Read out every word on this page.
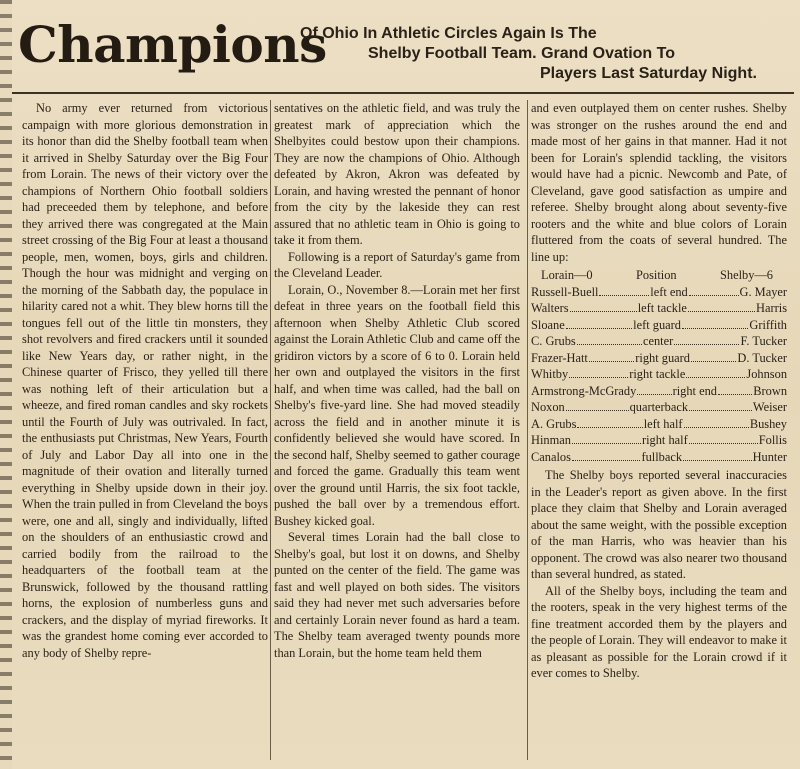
Champions
Of Ohio In Athletic Circles Again Is The
Shelby Football Team. Grand Ovation To
Players Last Saturday Night.

No army ever returned from victorious campaign with more glorious demonstration in its honor than did the Shelby football team when it arrived in Shelby Saturday over the Big Four from Lorain. The news of their victory over the champions of Northern Ohio football soldiers had preceeded them by telephone, and before they arrived there was congregated at the Main street crossing of the Big Four at least a thousand people, men, women, boys, girls and children. Though the hour was midnight and verging on the morning of the Sabbath day, the populace in hilarity cared not a whit. They blew horns till the tongues fell out of the little tin monsters, they shot revolvers and fired crackers until it sounded like New Years day, or rather night, in the Chinese quarter of Frisco, they yelled till there was nothing left of their articulation but a wheeze, and fired roman candles and sky rockets until the Fourth of July was outrivaled. In fact, the enthusiasts put Christmas, New Years, Fourth of July and Labor Day all into one in the magnitude of their ovation and literally turned everything in Shelby upside down in their joy. When the train pulled in from Cleveland the boys were, one and all, singly and individually, lifted on the shoulders of an enthusiastic crowd and carried bodily from the railroad to the headquarters of the football team at the Brunswick, followed by the thousand rattling horns, the explosion of numberless guns and crackers, and the display of myriad fireworks. It was the grandest home coming ever accorded to any body of Shelby repre-

sentatives on the athletic field, and was truly the greatest mark of appreciation which the Shelbyites could bestow upon their champions. They are now the champions of Ohio. Although defeated by Akron, Akron was defeated by Lorain, and having wrested the pennant of honor from the city by the lakeside they can rest assured that no athletic team in Ohio is going to take it from them.

Following is a report of Saturday's game from the Cleveland Leader.

Lorain, O., November 8.—Lorain met her first defeat in three years on the football field this afternoon when Shelby Athletic Club scored against the Lorain Athletic Club and came off the gridiron victors by a score of 6 to 0. Lorain held her own and outplayed the visitors in the first half, and when time was called, had the ball on Shelby's five-yard line. She had moved steadily across the field and in another minute it is confidently believed she would have scored. In the second half, Shelby seemed to gather courage and forced the game. Gradually this team went over the ground until Harris, the six foot tackle, pushed the ball over by a tremendous effort. Bushey kicked goal.

Several times Lorain had the ball close to Shelby's goal, but lost it on downs, and Shelby punted on the center of the field. The game was fast and well played on both sides. The visitors said they had never met such adversaries before and certainly Lorain never found as hard a team. The Shelby team averaged twenty pounds more than Lorain, but the home team held them

and even outplayed them on center rushes. Shelby was stronger on the rushes around the end and made most of her gains in that manner. Had it not been for Lorain's splendid tackling, the visitors would have had a picnic. Newcomb and Pate, of Cleveland, gave good satisfaction as umpire and referee. Shelby brought along about seventy-five rooters and the white and blue colors of Lorain fluttered from the coats of several hundred. The line up:

Lorain—0	Position	Shelby—6
Russell-Buell	left end	G. Mayer
Walters	left tackle	Harris
Sloane	left guard	Griffith
C. Grubs	center	F. Tucker
Frazer-Hatt	right guard	D. Tucker
Whitby	right tackle	Johnson
Armstrong-McGrady	right end	Brown
Noxon	quarterback	Weiser
A. Grubs	left half	Bushey
Hinman	right half	Follis
Canalos	fullback	Hunter

The Shelby boys reported several inaccuracies in the Leader's report as given above. In the first place they claim that Shelby and Lorain averaged about the same weight, with the possible exception of the man Harris, who was heavier than his opponent. The crowd was also nearer two thousand than several hundred, as stated.

All of the Shelby boys, including the team and the rooters, speak in the very highest terms of the fine treatment accorded them by the players and the people of Lorain. They will endeavor to make it as pleasant as possible for the Lorain crowd if it ever comes to Shelby.
